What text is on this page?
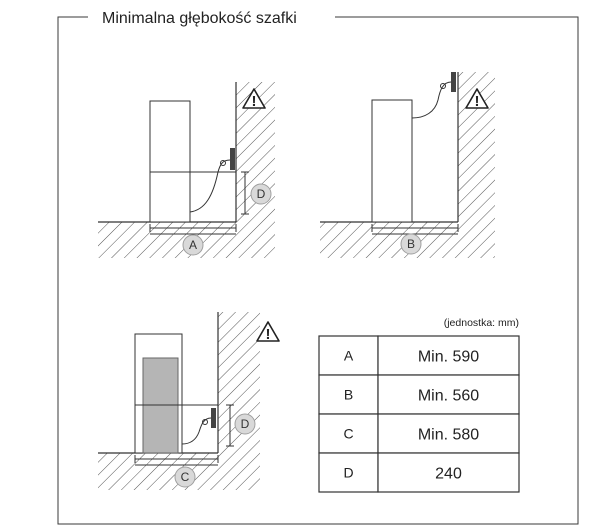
Minimalna głębokość szafki
A
D
!
B
!
C
D
!
(jednostka: mm)
A	Min. 590
B	Min. 560
C	Min. 580
D	240
